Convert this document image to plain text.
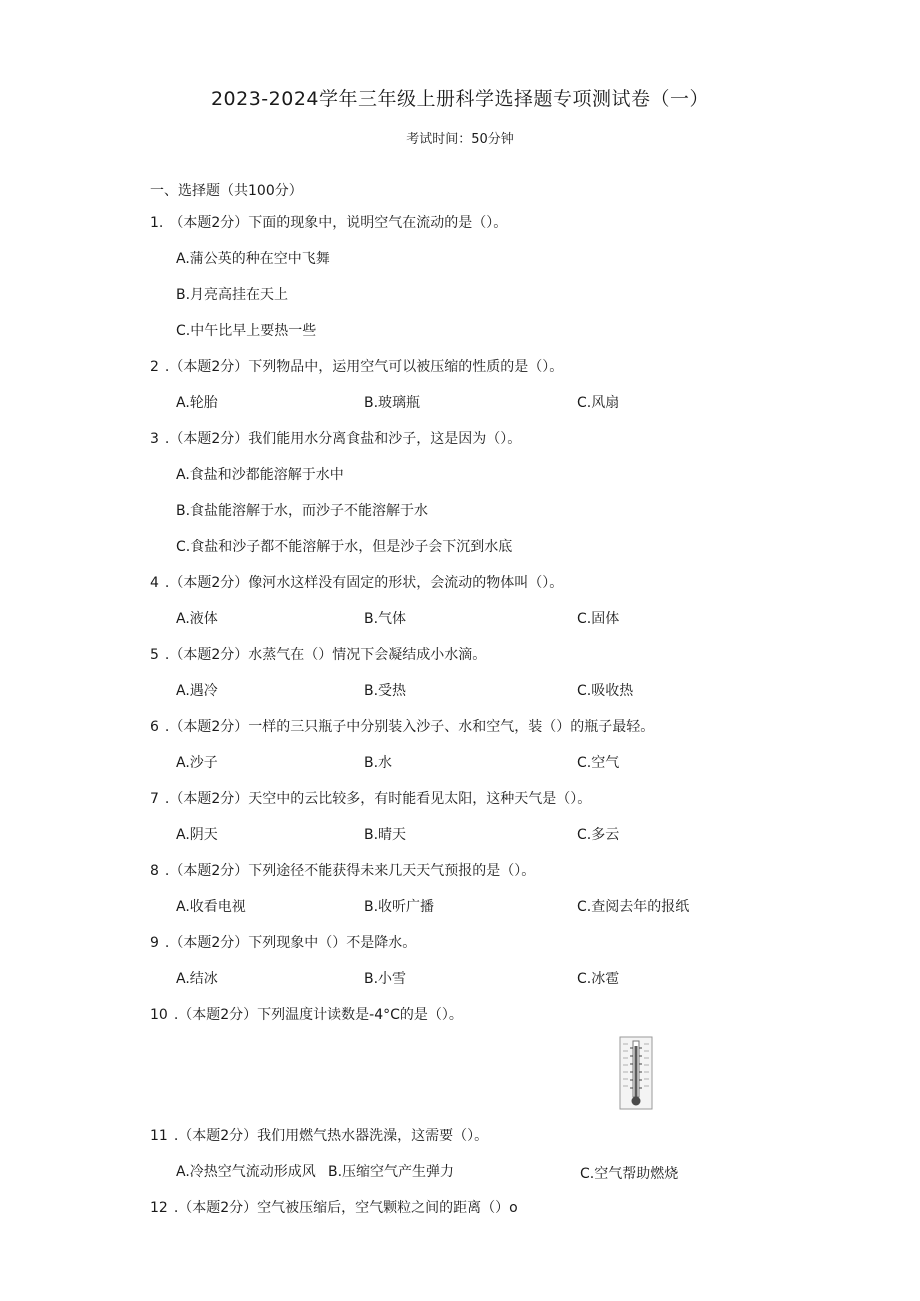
2023-2024学年三年级上册科学选择题专项测试卷（一）
考试时间：50分钟
一、选择题（共100分）
1. （本题2分）下面的现象中，说明空气在流动的是（）。
A.蒲公英的种在空中飞舞
B.月亮高挂在天上
C.中午比早上要热一些
2 .（本题2分）下列物品中，运用空气可以被压缩的性质的是（）。
A.轮胎	B.玻璃瓶	C.风扇
3 .（本题2分）我们能用水分离食盐和沙子，这是因为（）。
A.食盐和沙都能溶解于水中
B.食盐能溶解于水，而沙子不能溶解于水
C.食盐和沙子都不能溶解于水，但是沙子会下沉到水底
4 .（本题2分）像河水这样没有固定的形状，会流动的物体叫（）。
A.液体	B.气体	C.固体
5 .（本题2分）水蒸气在（）情况下会凝结成小水滴。
A.遇冷	B.受热	C.吸收热
6 .（本题2分）一样的三只瓶子中分别装入沙子、水和空气，装（）的瓶子最轻。
A.沙子	B.水	C.空气
7 .（本题2分）天空中的云比较多，有时能看见太阳，这种天气是（）。
A.阴天	B.晴天	C.多云
8 .（本题2分）下列途径不能获得未来几天天气预报的是（）。
A.收看电视	B.收听广播	C.查阅去年的报纸
9 .（本题2分）下列现象中（）不是降水。
A.结冰	B.小雪	C.冰雹
10 .（本题2分）下列温度计读数是-4°C的是（）。
11 .（本题2分）我们用燃气热水器洗澡，这需要（）。
A.冷热空气流动形成风 B.压缩空气产生弹力	C.空气帮助燃烧
12 .（本题2分）空气被压缩后，空气颗粒之间的距离（）o
